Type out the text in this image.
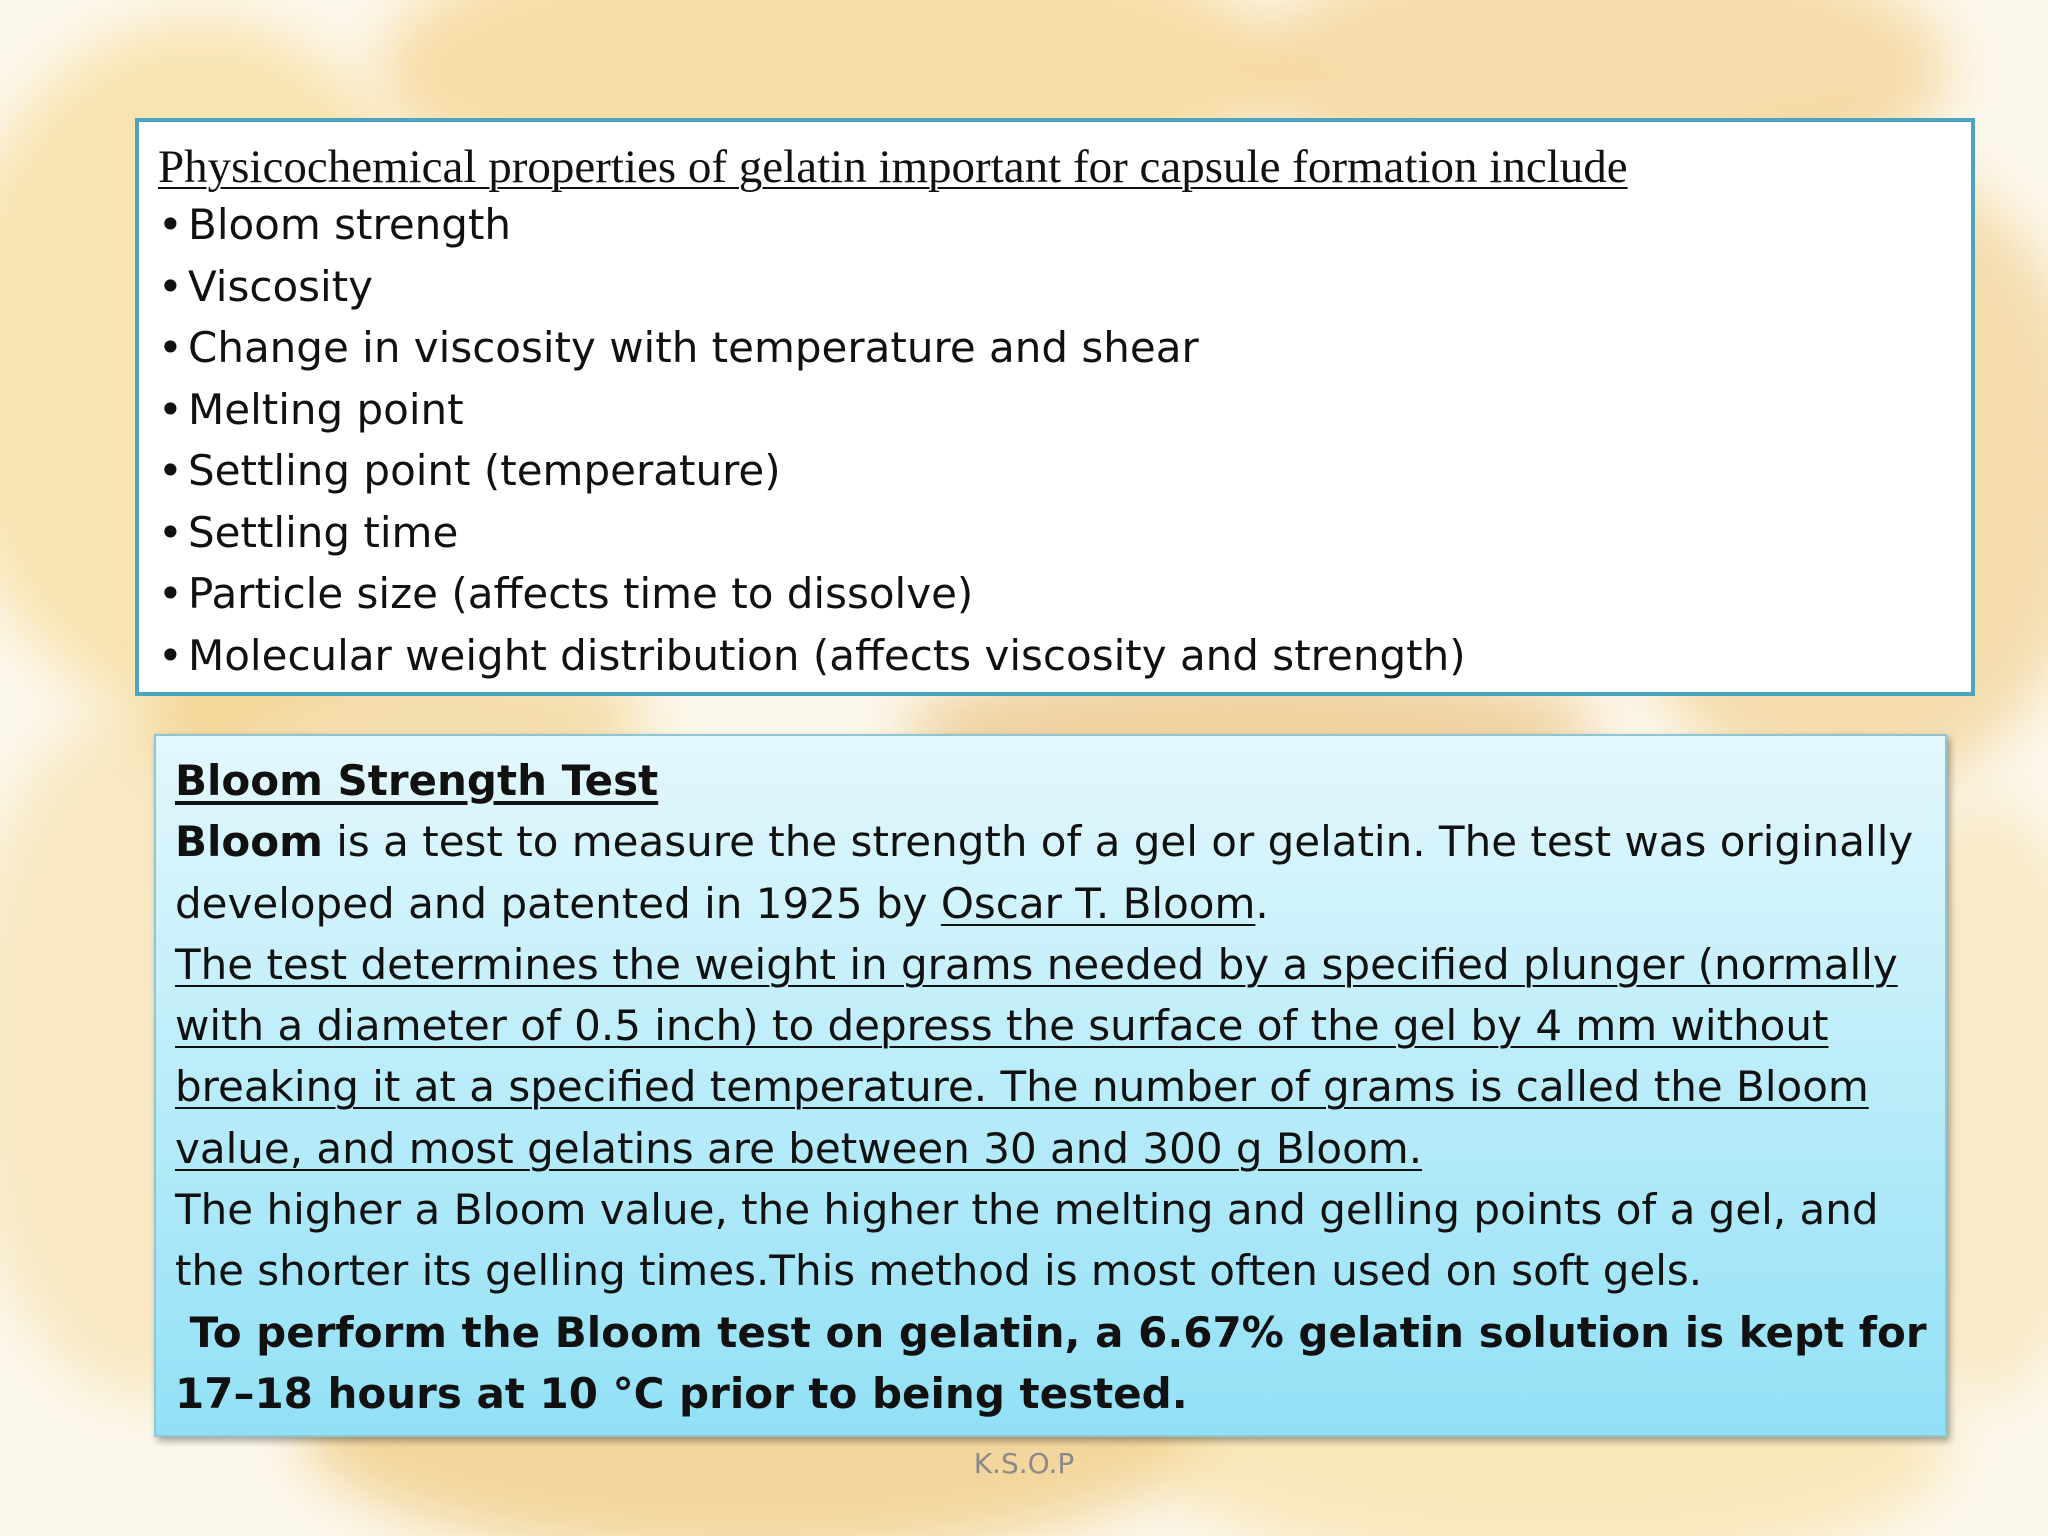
Physicochemical properties of gelatin important for capsule formation include

• Bloom strength
• Viscosity
• Change in viscosity with temperature and shear
• Melting point
• Settling point (temperature)
• Settling time
• Particle size (affects time to dissolve)
• Molecular weight distribution (affects viscosity and strength)

Bloom Strength Test

Bloom is a test to measure the strength of a gel or gelatin. The test was originally developed and patented in 1925 by Oscar T. Bloom.

The test determines the weight in grams needed by a specified plunger (normally with a diameter of 0.5 inch) to depress the surface of the gel by 4 mm without breaking it at a specified temperature. The number of grams is called the Bloom value, and most gelatins are between 30 and 300 g Bloom.

The higher a Bloom value, the higher the melting and gelling points of a gel, and the shorter its gelling times.This method is most often used on soft gels.

To perform the Bloom test on gelatin, a 6.67% gelatin solution is kept for 17–18 hours at 10 °C prior to being tested.

K.S.O.P
